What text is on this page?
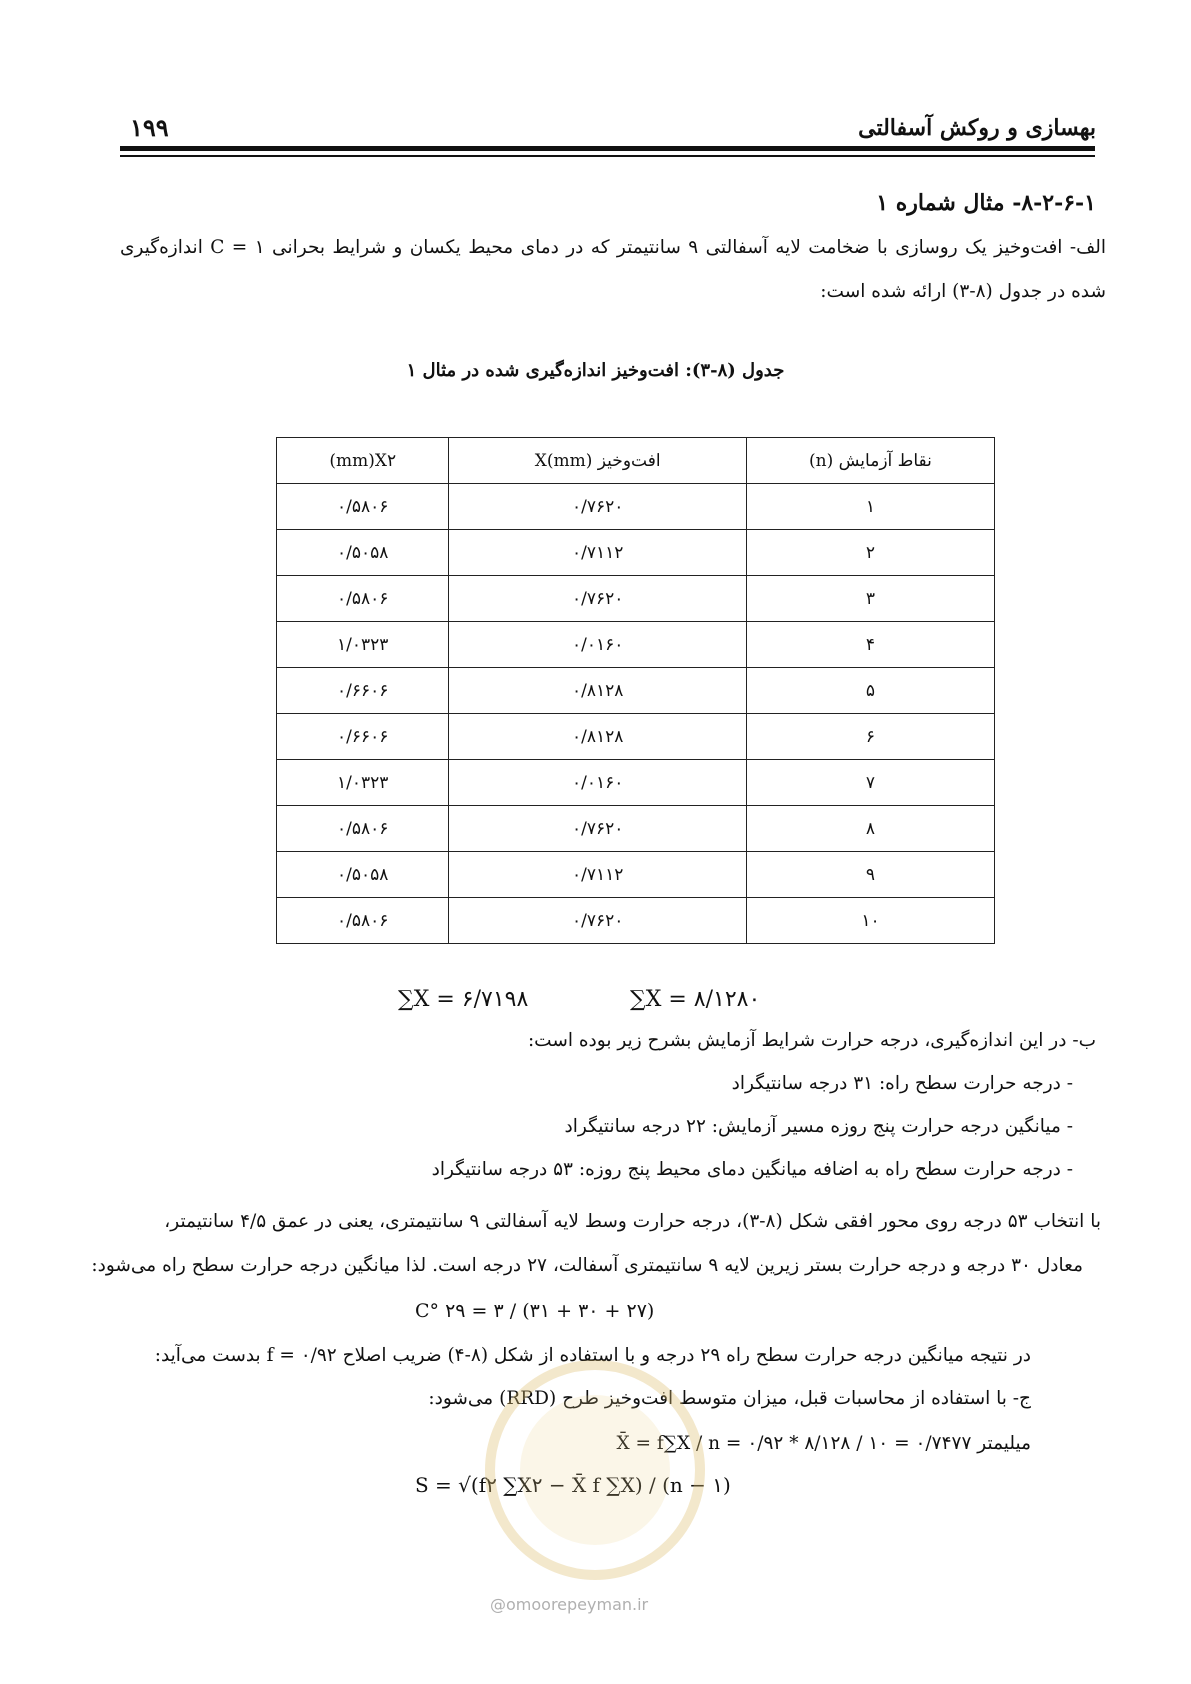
بهسازی و روکش آسفالتی
۱۹۹
۸-۲-۶-۱- مثال شماره ۱
الف- افت‌وخیز یک روسازی با ضخامت لایه آسفالتی ۹ سانتیمتر که در دمای محیط یکسان و شرایط بحرانی ۱ = C اندازه‌گیری شده در جدول (۸-۳) ارائه شده است:
جدول (۸-۳): افت‌وخیز اندازه‌گیری شده در مثال ۱
(mm)X۲	افت‌وخیز (mm)X	نقاط آزمایش (n)
۰/۵۸۰۶	۰/۷۶۲۰	۱
۰/۵۰۵۸	۰/۷۱۱۲	۲
۰/۵۸۰۶	۰/۷۶۲۰	۳
۱/۰۳۲۳	۰/۰۱۶۰	۴
۰/۶۶۰۶	۰/۸۱۲۸	۵
۰/۶۶۰۶	۰/۸۱۲۸	۶
۱/۰۳۲۳	۰/۰۱۶۰	۷
۰/۵۸۰۶	۰/۷۶۲۰	۸
۰/۵۰۵۸	۰/۷۱۱۲	۹
۰/۵۸۰۶	۰/۷۶۲۰	۱۰
∑X = ۸/۱۲۸۰
∑X = ۶/۷۱۹۸
ب- در این اندازه‌گیری، درجه حرارت شرایط آزمایش بشرح زیر بوده است:
- درجه حرارت سطح راه: ۳۱ درجه سانتیگراد
- میانگین درجه حرارت پنج روزه مسیر آزمایش: ۲۲ درجه سانتیگراد
- درجه حرارت سطح راه به اضافه میانگین دمای محیط پنج روزه: ۵۳ درجه سانتیگراد
با انتخاب ۵۳ درجه روی محور افقی شکل (۸-۳)، درجه حرارت وسط لایه آسفالتی ۹ سانتیمتری، یعنی در عمق ۴/۵ سانتیمتر،
معادل ۳۰ درجه و درجه حرارت بستر زیرین لایه ۹ سانتیمتری آسفالت، ۲۷ درجه است. لذا میانگین درجه حرارت سطح راه می‌شود:
(۲۷ + ۳۰ + ۳۱) / ۳ = ۲۹ °C
در نتیجه میانگین درجه حرارت سطح راه ۲۹ درجه و با استفاده از شکل (۸-۴) ضریب اصلاح ۰/۹۲ = f بدست می‌آید:
ج- با استفاده از محاسبات قبل، میزان متوسط افت‌وخیز طرح (RRD) می‌شود:
میلیمتر ۰/۷۴۷۷ = ۱۰ / ۸/۱۲۸ * ۰/۹۲ = X̄ = f∑X / n
S = √(f۲ ∑X۲ − X̄ f ∑X) / (n − ۱)
@omoorepeyman.ir
